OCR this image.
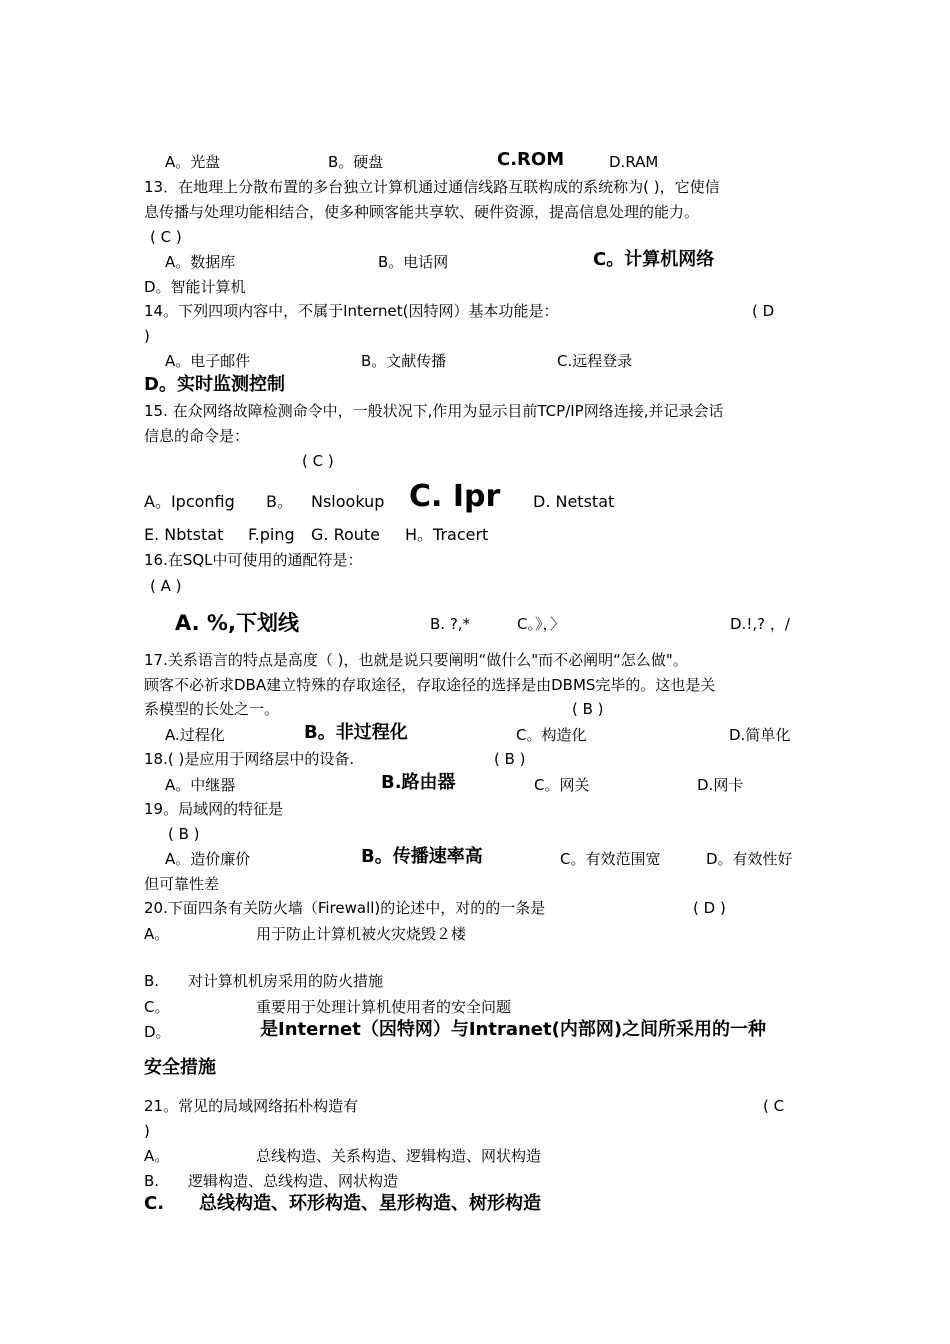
A。光盘	B。硬盘	C.ROM	D.RAM
13．在地理上分散布置的多台独立计算机通过通信线路互联构成的系统称为( )，它使信
息传播与处理功能相结合，使多种顾客能共享软、硬件资源，提高信息处理的能力。
( C )
A。数据库	B。电话网	C。计算机网络
D。智能计算机
14。下列四项内容中，不属于Internet(因特网）基本功能是：	( D
)
A。电子邮件	B。文献传播	C.远程登录
D。实时监测控制
15. 在众网络故障检测命令中，一般状况下,作用为显示目前TCP/IP网络连接,并记录会话
信息的命令是：
( C )
A。Ipconfig B。 Nslookup C. Ipr D. Netstat
E. Nbtstat F.ping G. Route H。Tracert
16.在SQL中可使用的通配符是：
( A )
A. %,下划线	B. ?,*	C。》，〉	D.!,? ，/
17.关系语言的特点是高度（ )，也就是说只要阐明“做什么"而不必阐明“怎么做"。
顾客不必祈求DBA建立特殊的存取途径，存取途径的选择是由DBMS完毕的。这也是关
系模型的长处之一。	( B )
A.过程化	B。非过程化	C。构造化	D.简单化
18.( )是应用于网络层中的设备.	( B )
A。中继器	B.路由器	C。网关	D.网卡
19。局域网的特征是
( B )
A。造价廉价	B。传播速率高	C。有效范围宽	D。有效性好
但可靠性差
20.下面四条有关防火墙（Firewall)的论述中，对的的一条是	( D )
A。	用于防止计算机被火灾烧毁２楼
B. 对计算机机房采用的防火措施
C。	重要用于处理计算机使用者的安全问题
D。	是Internet（因特网）与Intranet(内部网)之间所采用的一种
安全措施
21。常见的局域网络拓朴构造有	( C
)
A。	总线构造、关系构造、逻辑构造、网状构造
B. 逻辑构造、总线构造、网状构造
C. 总线构造、环形构造、星形构造、树形构造
